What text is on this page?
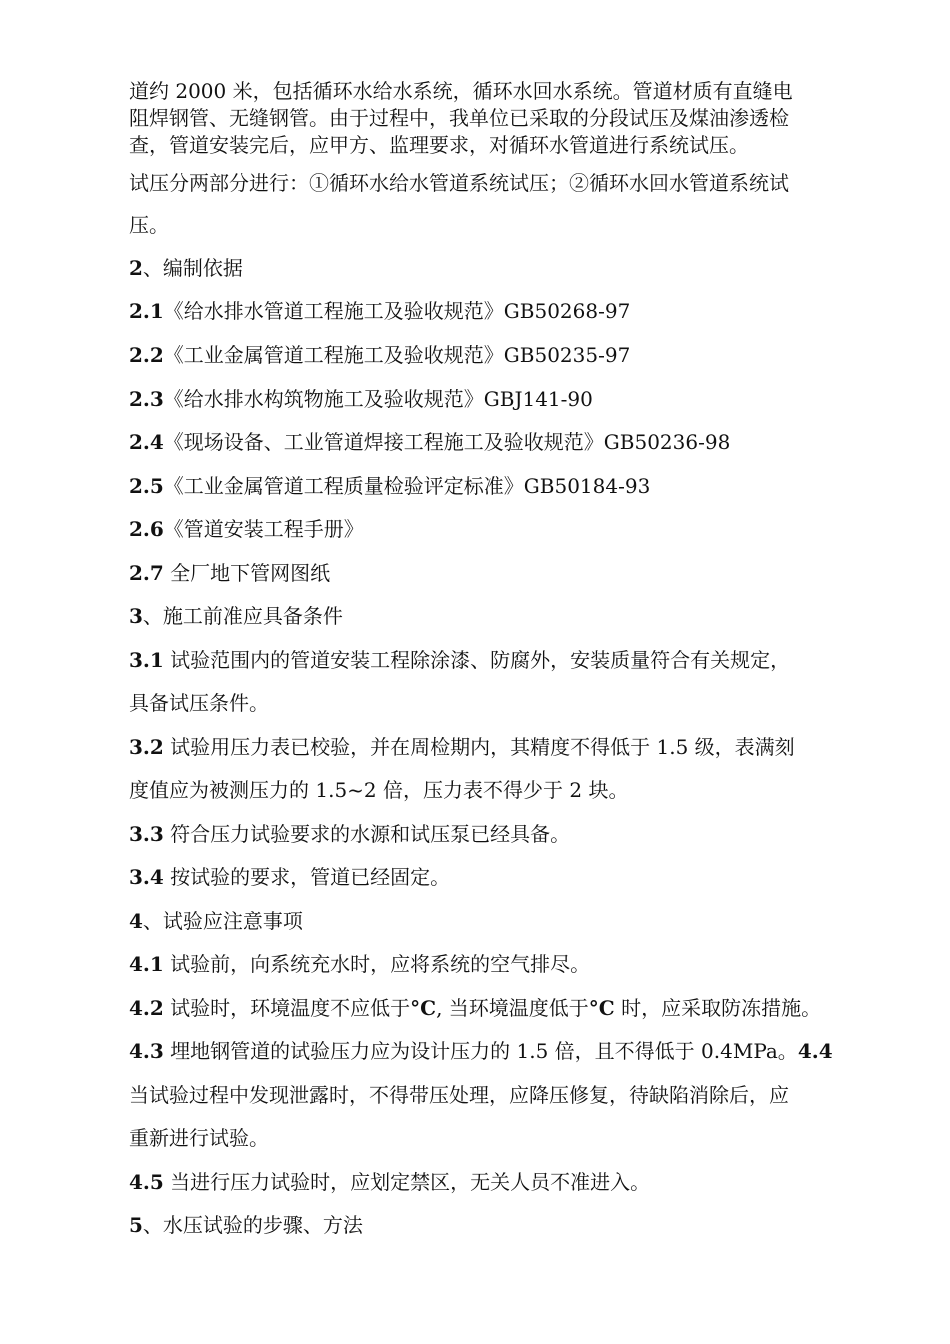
道约 2000 米，包括循环水给水系统，循环水回水系统。管道材质有直缝电
阻焊钢管、无缝钢管。由于过程中，我单位已采取的分段试压及煤油渗透检
查，管道安装完后，应甲方、监理要求，对循环水管道进行系统试压。
试压分两部分进行：①循环水给水管道系统试压；②循环水回水管道系统试
压。
2、编制依据
2.1《给水排水管道工程施工及验收规范》GB50268-97
2.2《工业金属管道工程施工及验收规范》GB50235-97
2.3《给水排水构筑物施工及验收规范》GBJ141-90
2.4《现场设备、工业管道焊接工程施工及验收规范》GB50236-98
2.5《工业金属管道工程质量检验评定标准》GB50184-93
2.6《管道安装工程手册》
2.7 全厂地下管网图纸
3、施工前准应具备条件
3.1 试验范围内的管道安装工程除涂漆、防腐外，安装质量符合有关规定，
具备试压条件。
3.2 试验用压力表已校验，并在周检期内，其精度不得低于 1.5 级，表满刻
度值应为被测压力的 1.5~2 倍，压力表不得少于 2 块。
3.3 符合压力试验要求的水源和试压泵已经具备。
3.4 按试验的要求，管道已经固定。
4、试验应注意事项
4.1 试验前，向系统充水时，应将系统的空气排尽。
4.2 试验时，环境温度不应低于°C, 当环境温度低于°C 时，应采取防冻措施。
4.3 埋地钢管道的试验压力应为设计压力的 1.5 倍，且不得低于 0.4MPa。4.4
当试验过程中发现泄露时，不得带压处理，应降压修复，待缺陷消除后，应
重新进行试验。
4.5 当进行压力试验时，应划定禁区，无关人员不准进入。
5、水压试验的步骤、方法
